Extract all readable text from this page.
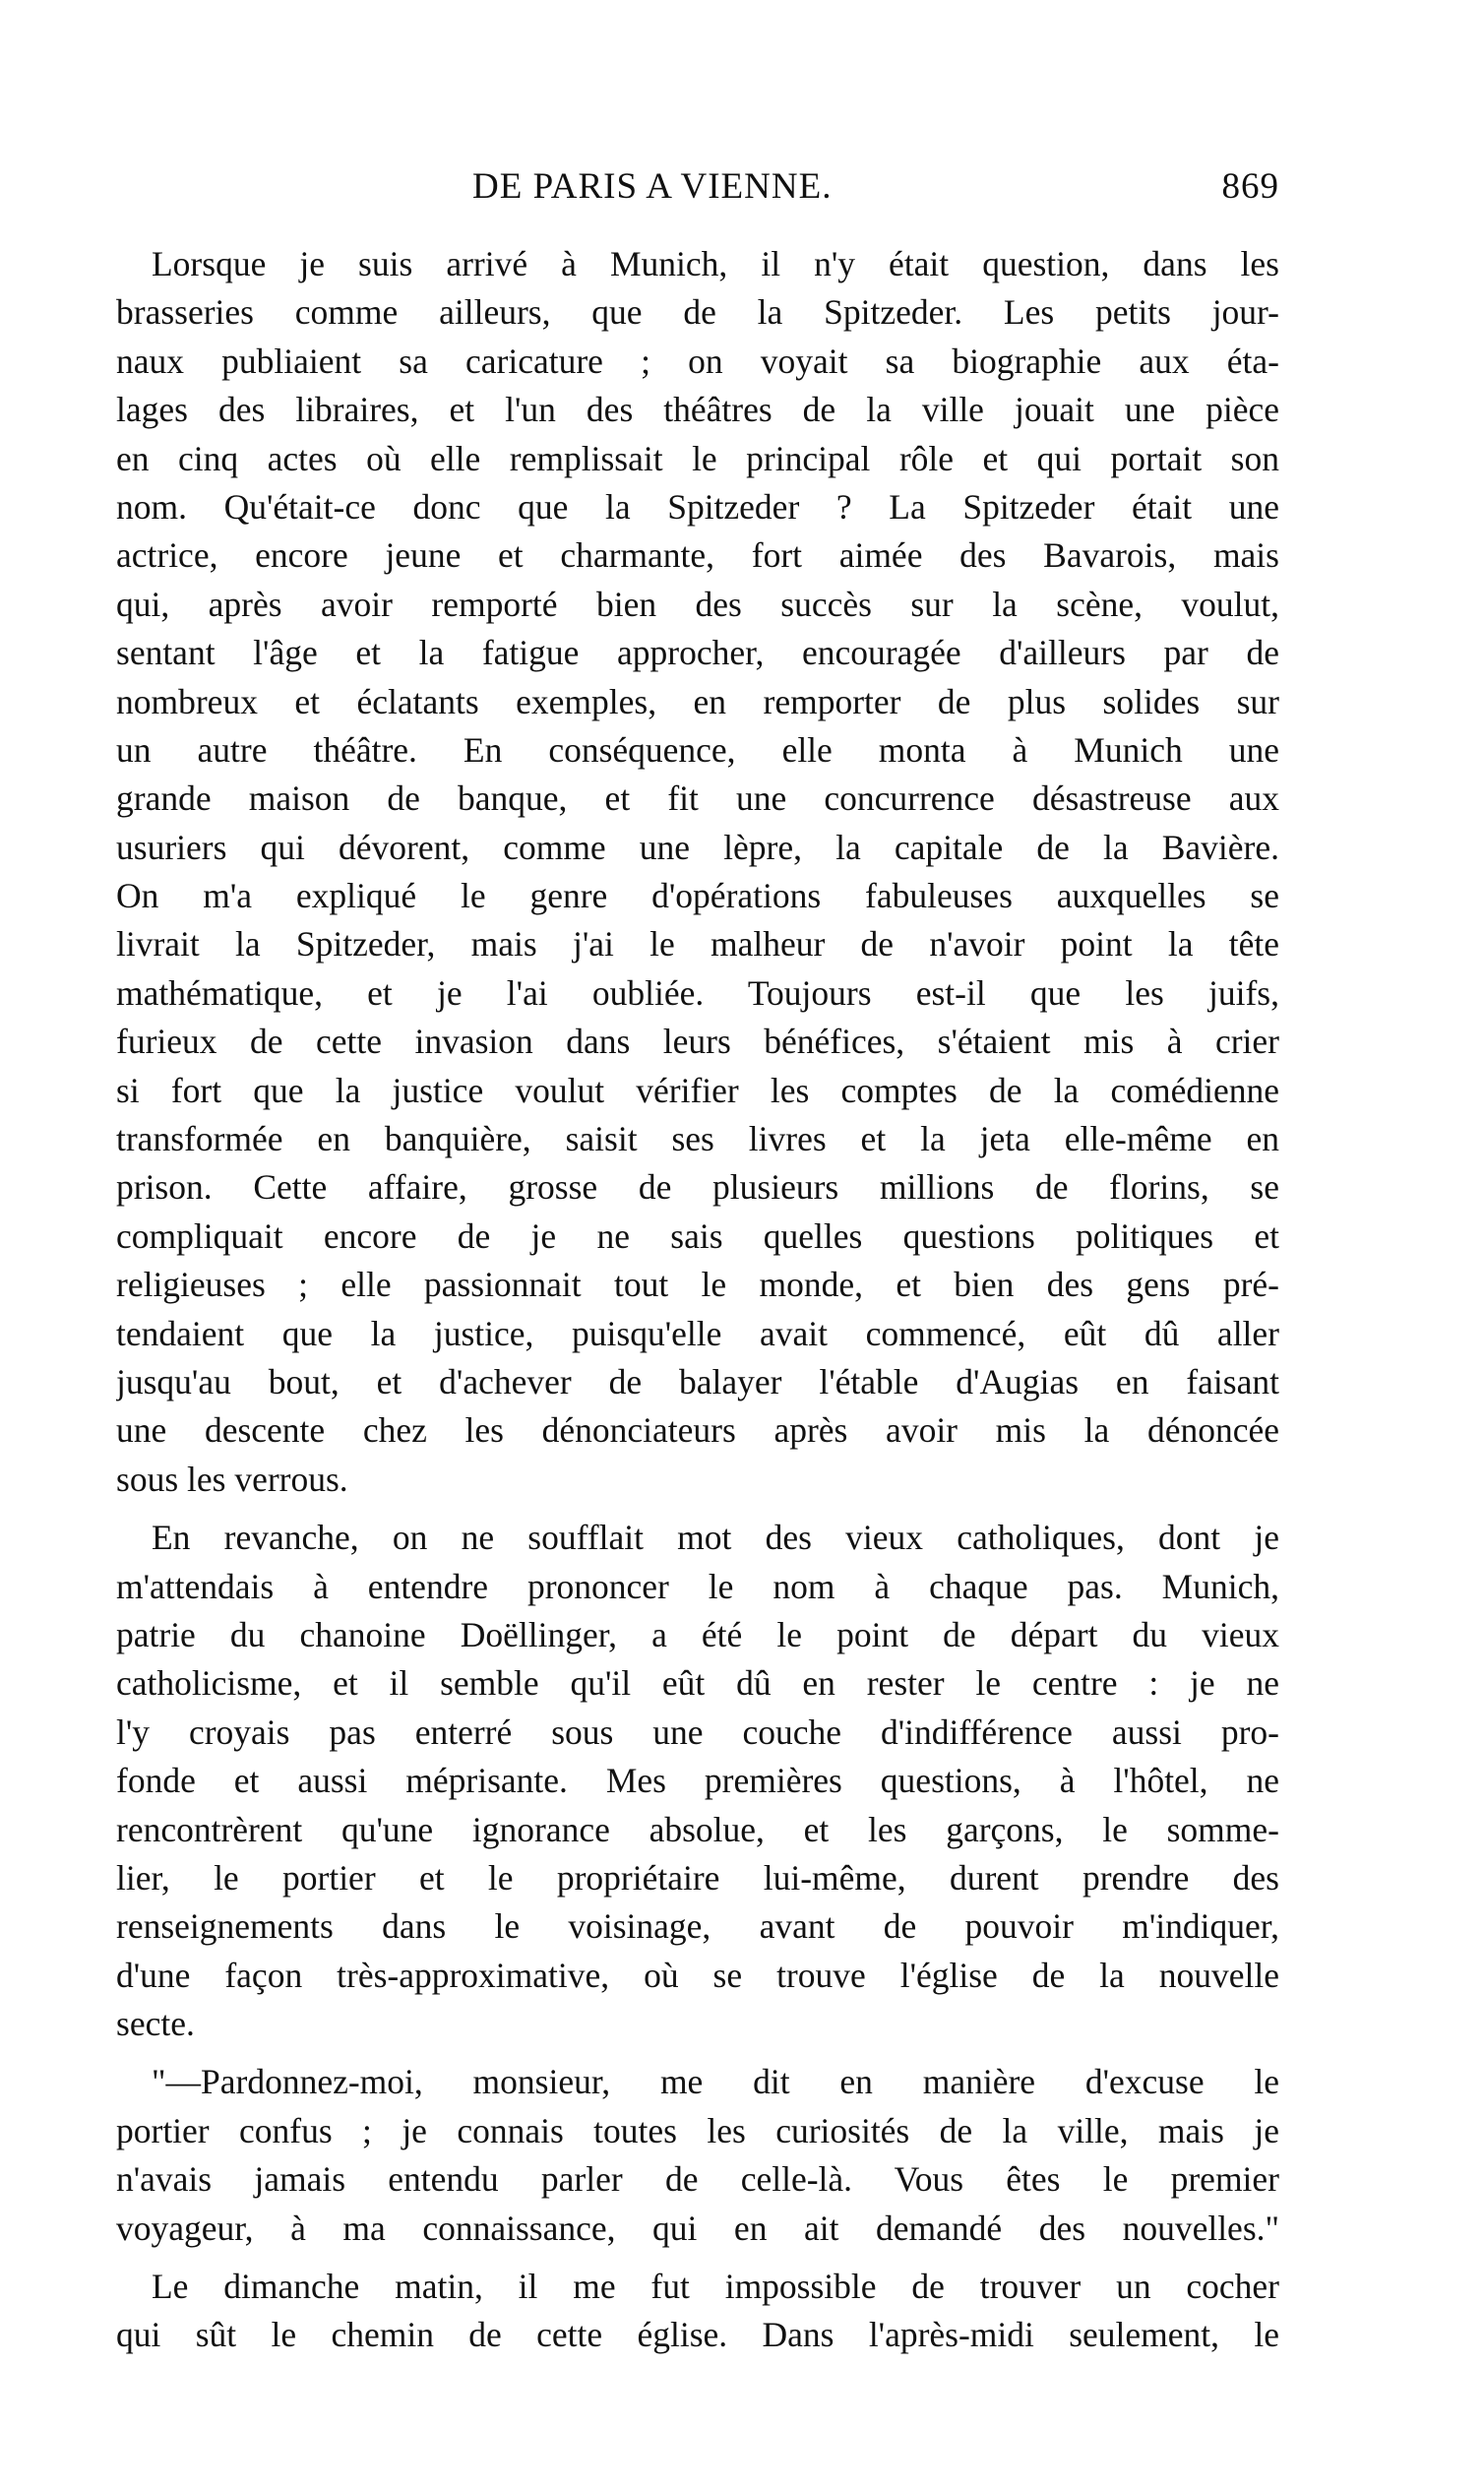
DE PARIS A VIENNE.	869
Lorsque je suis arrivé à Munich, il n'y était question, dans les
brasseries comme ailleurs, que de la Spitzeder. Les petits jour-
naux publiaient sa caricature ; on voyait sa biographie aux éta-
lages des libraires, et l'un des théâtres de la ville jouait une pièce
en cinq actes où elle remplissait le principal rôle et qui portait son
nom. Qu'était-ce donc que la Spitzeder ? La Spitzeder était une
actrice, encore jeune et charmante, fort aimée des Bavarois, mais
qui, après avoir remporté bien des succès sur la scène, voulut,
sentant l'âge et la fatigue approcher, encouragée d'ailleurs par de
nombreux et éclatants exemples, en remporter de plus solides sur
un autre théâtre. En conséquence, elle monta à Munich une
grande maison de banque, et fit une concurrence désastreuse aux
usuriers qui dévorent, comme une lèpre, la capitale de la Bavière.
On m'a expliqué le genre d'opérations fabuleuses auxquelles se
livrait la Spitzeder, mais j'ai le malheur de n'avoir point la tête
mathématique, et je l'ai oubliée. Toujours est-il que les juifs,
furieux de cette invasion dans leurs bénéfices, s'étaient mis à crier
si fort que la justice voulut vérifier les comptes de la comédienne
transformée en banquière, saisit ses livres et la jeta elle-même en
prison. Cette affaire, grosse de plusieurs millions de florins, se
compliquait encore de je ne sais quelles questions politiques et
religieuses ; elle passionnait tout le monde, et bien des gens pré-
tendaient que la justice, puisqu'elle avait commencé, eût dû aller
jusqu'au bout, et d'achever de balayer l'étable d'Augias en faisant
une descente chez les dénonciateurs après avoir mis la dénoncée
sous les verrous.
En revanche, on ne soufflait mot des vieux catholiques, dont je
m'attendais à entendre prononcer le nom à chaque pas. Munich,
patrie du chanoine Doëllinger, a été le point de départ du vieux
catholicisme, et il semble qu'il eût dû en rester le centre : je ne
l'y croyais pas enterré sous une couche d'indifférence aussi pro-
fonde et aussi méprisante. Mes premières questions, à l'hôtel, ne
rencontrèrent qu'une ignorance absolue, et les garçons, le somme-
lier, le portier et le propriétaire lui-même, durent prendre des
renseignements dans le voisinage, avant de pouvoir m'indiquer,
d'une façon très-approximative, où se trouve l'église de la nouvelle
secte.
"—Pardonnez-moi, monsieur, me dit en manière d'excuse le
portier confus ; je connais toutes les curiosités de la ville, mais je
n'avais jamais entendu parler de celle-là. Vous êtes le premier
voyageur, à ma connaissance, qui en ait demandé des nouvelles."
Le dimanche matin, il me fut impossible de trouver un cocher
qui sût le chemin de cette église. Dans l'après-midi seulement, le
